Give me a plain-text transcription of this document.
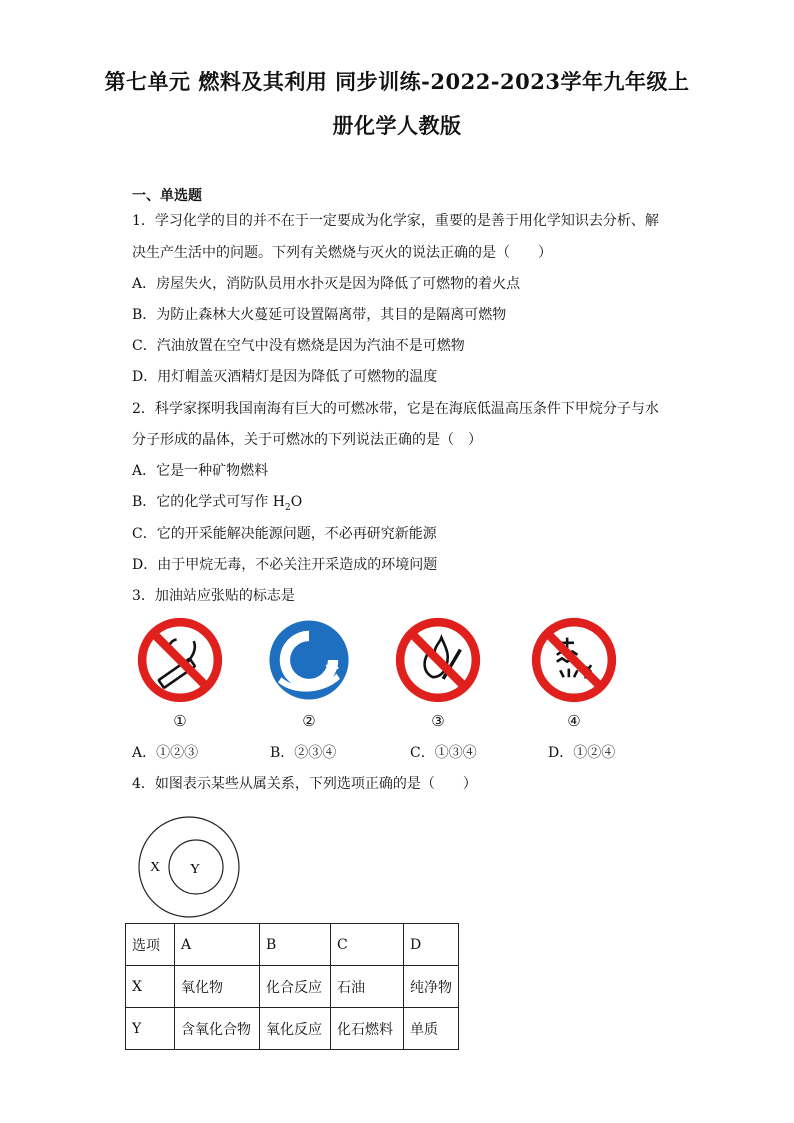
第七单元 燃料及其利用 同步训练-2022-2023学年九年级上
册化学人教版
一、单选题
1．学习化学的目的并不在于一定要成为化学家，重要的是善于用化学知识去分析、解
决生产生活中的问题。下列有关燃烧与灭火的说法正确的是（　　）
A．房屋失火，消防队员用水扑灭是因为降低了可燃物的着火点
B．为防止森林大火蔓延可设置隔离带，其目的是隔离可燃物
C．汽油放置在空气中没有燃烧是因为汽油不是可燃物
D．用灯帽盖灭酒精灯是因为降低了可燃物的温度
2．科学家探明我国南海有巨大的可燃冰带，它是在海底低温高压条件下甲烷分子与水
分子形成的晶体，关于可燃冰的下列说法正确的是（　）
A．它是一种矿物燃料
B．它的化学式可写作 $H_2O$
C．它的开采能解决能源问题，不必再研究新能源
D．由于甲烷无毒，不必关注开采造成的环境问题
3．加油站应张贴的标志是
①	②	③	④
A．①②③	B．②③④	C．①③④	D．①②④
4．如图表示某些从属关系，下列选项正确的是（　　）
X Y
选项	A	B	C	D
X	氧化物	化合反应	石油	纯净物
Y	含氧化合物	氧化反应	化石燃料	单质
